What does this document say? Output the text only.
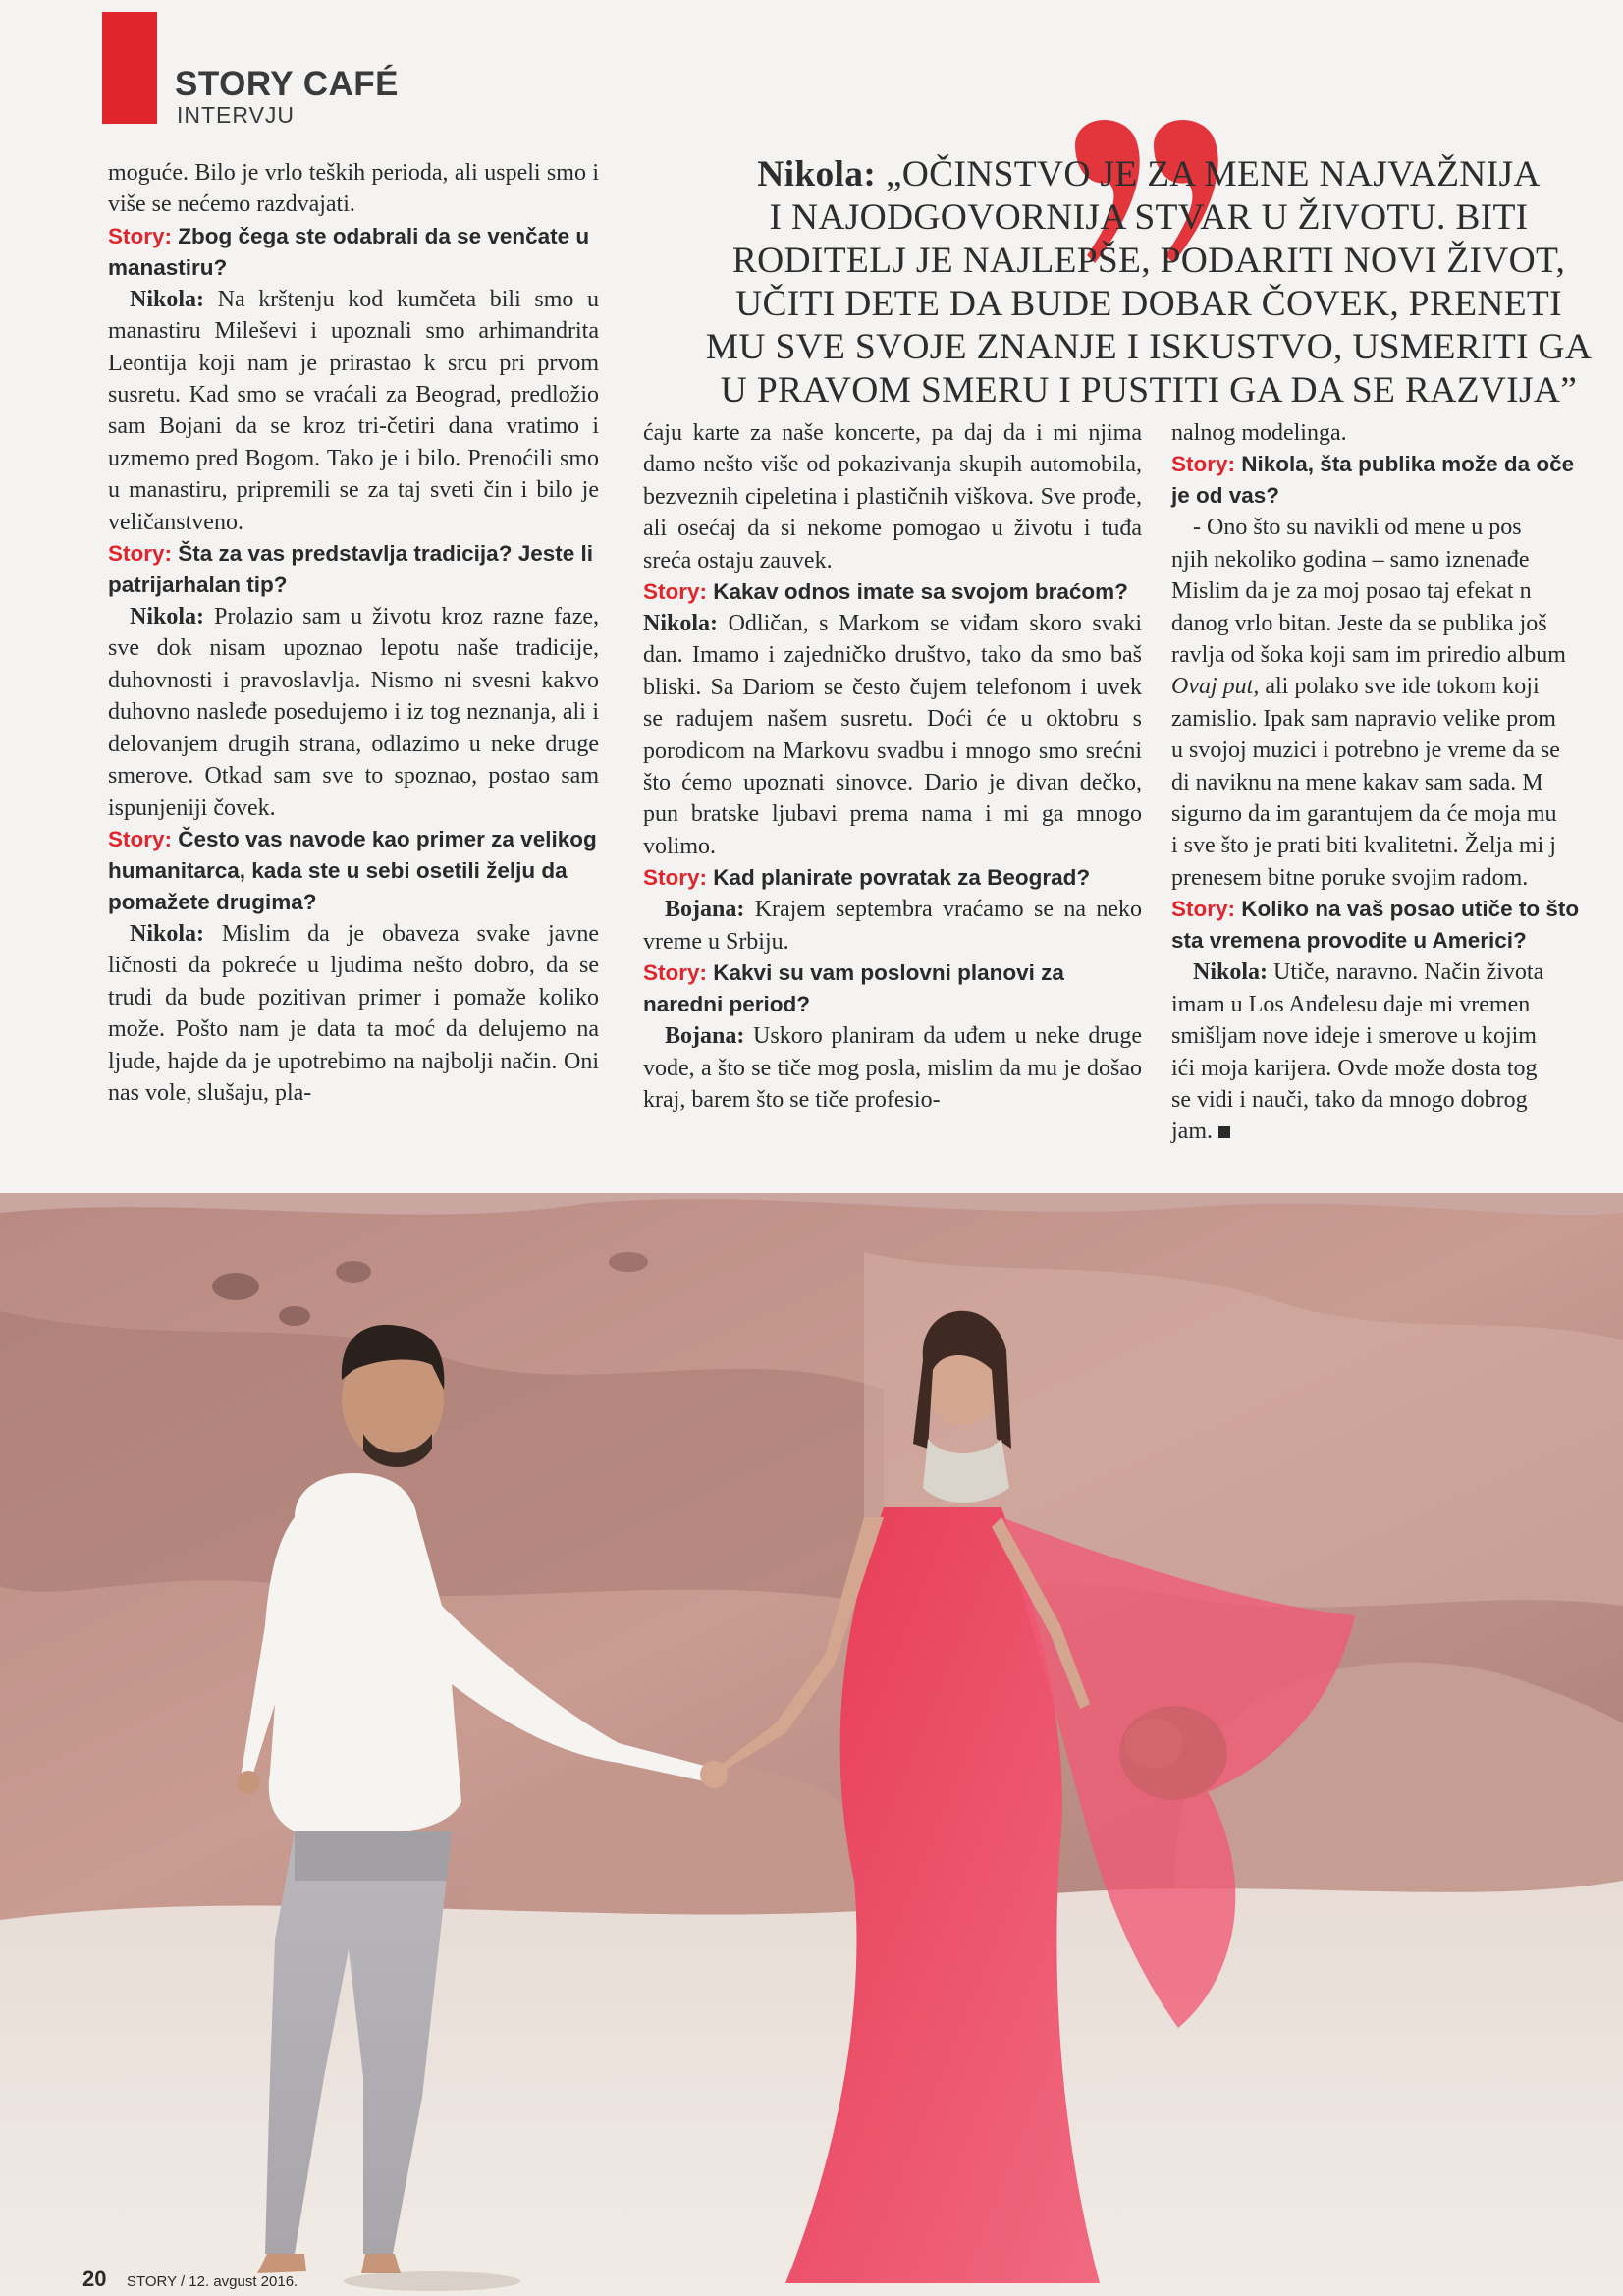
STORY CAFÉ
INTERVJU
Nikola: „OČINSTVO JE ZA MENE NAJVAŽNIJA
I NAJODGOVORNIJA STVAR U ŽIVOTU. BITI
RODITELJ JE NAJLEPŠE, PODARITI NOVI ŽIVOT,
UČITI DETE DA BUDE DOBAR ČOVEK, PRENETI
MU SVE SVOJE ZNANJE I ISKUSTVO, USMERITI GA
U PRAVOM SMERU I PUSTITI GA DA SE RAZVIJA”

moguće. Bilo je vrlo teških perioda, ali uspeli smo i više se nećemo razdvajati.

Story: Zbog čega ste odabrali da se venčate u manastiru?

Nikola: Na krštenju kod kumčeta bili smo u manastiru Mileševi i upoznali smo arhimandrita Leontija koji nam je prirastao k srcu pri prvom susretu. Kad smo se vraćali za Beograd, predložio sam Bojani da se kroz tri-četiri dana vratimo i uzmemo pred Bogom. Tako je i bilo. Prenoćili smo u manastiru, pripremili se za taj sveti čin i bilo je veličanstveno.

Story: Šta za vas predstavlja tradicija? Jeste li patrijarhalan tip?

Nikola: Prolazio sam u životu kroz razne faze, sve dok nisam upoznao lepotu naše tradicije, duhovnosti i pravoslavlja. Nismo ni svesni kakvo duhovno nasleđe posedujemo i iz tog neznanja, ali i delovanjem drugih strana, odlazimo u neke druge smerove. Otkad sam sve to spoznao, postao sam ispunjeniji čovek.

Story: Često vas navode kao primer za velikog humanitarca, kada ste u sebi osetili želju da pomažete drugima?

Nikola: Mislim da je obaveza svake javne ličnosti da pokreće u ljudima nešto dobro, da se trudi da bude pozitivan primer i pomaže koliko može. Pošto nam je data ta moć da delujemo na ljude, hajde da je upotrebimo na najbolji način. Oni nas vole, slušaju, pla-

ćaju karte za naše koncerte, pa daj da i mi njima damo nešto više od pokazivanja skupih automobila, bezveznih cipeletina i plastičnih viškova. Sve prođe, ali osećaj da si nekome pomogao u životu i tuđa sreća ostaju zauvek.

Story: Kakav odnos imate sa svojom braćom?

Nikola: Odličan, s Markom se viđam skoro svaki dan. Imamo i zajedničko društvo, tako da smo baš bliski. Sa Dariom se često čujem telefonom i uvek se radujem našem susretu. Doći će u oktobru s porodicom na Markovu svadbu i mnogo smo srećni što ćemo upoznati sinovce. Dario je divan dečko, pun bratske ljubavi prema nama i mi ga mnogo volimo.

Story: Kad planirate povratak za Beograd?

Bojana: Krajem septembra vraćamo se na neko vreme u Srbiju.

Story: Kakvi su vam poslovni planovi za naredni period?

Bojana: Uskoro planiram da uđem u neke druge vode, a što se tiče mog posla, mislim da mu je došao kraj, barem što se tiče profesio-

nalnog modelinga.
Story: Nikola, šta publika može da oče
je od vas?
- Ono što su navikli od mene u pos
njih nekoliko godina – samo iznenađe
Mislim da je za moj posao taj efekat n
danog vrlo bitan. Jeste da se publika još
ravlja od šoka koji sam im priredio album
Ovaj put, ali polako sve ide tokom koji
zamislio. Ipak sam napravio velike prom
u svojoj muzici i potrebno je vreme da se
di naviknu na mene kakav sam sada. M
sigurno da im garantujem da će moja mu
i sve što je prati biti kvalitetni. Želja mi j
prenesem bitne poruke svojim radom.
Story: Koliko na vaš posao utiče to što
sta vremena provodite u Americi?
Nikola: Utiče, naravno. Način života
imam u Los Anđelesu daje mi vremen
smišljam nove ideje i smerove u kojim
ići moja karijera. Ovde može dosta tog
se vidi i nauči, tako da mnogo dobrog
jam.
20 STORY / 12. avgust 2016.
